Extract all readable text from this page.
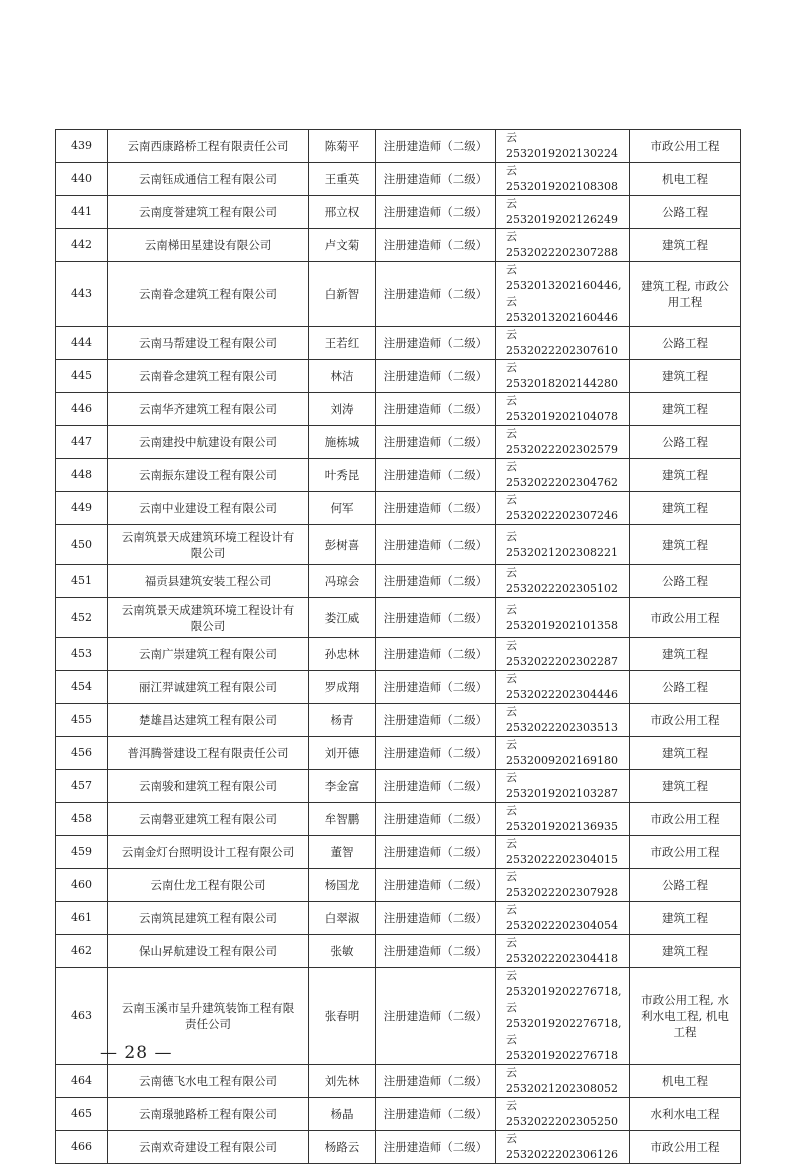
439	云南西康路桥工程有限责任公司	陈菊平	注册建造师（二级）	云 2532019202130224	市政公用工程
440	云南钰成通信工程有限公司	王重英	注册建造师（二级）	云 2532019202108308	机电工程
441	云南度誉建筑工程有限公司	邢立权	注册建造师（二级）	云 2532019202126249	公路工程
442	云南梯田星建设有限公司	卢文菊	注册建造师（二级）	云 2532022202307288	建筑工程
443	云南眷念建筑工程有限公司	白新智	注册建造师（二级）	云 2532013202160446,
云 2532013202160446	建筑工程, 市政公
用工程
444	云南马帮建设工程有限公司	王若红	注册建造师（二级）	云 2532022202307610	公路工程
445	云南眷念建筑工程有限公司	林洁	注册建造师（二级）	云 2532018202144280	建筑工程
446	云南华齐建筑工程有限公司	刘涛	注册建造师（二级）	云 2532019202104078	建筑工程
447	云南建投中航建设有限公司	施栋城	注册建造师（二级）	云 2532022202302579	公路工程
448	云南振东建设工程有限公司	叶秀昆	注册建造师（二级）	云 2532022202304762	建筑工程
449	云南中业建设工程有限公司	何军	注册建造师（二级）	云 2532022202307246	建筑工程
450	云南筑景天成建筑环境工程设计有
限公司	彭树喜	注册建造师（二级）	云 2532021202308221	建筑工程
451	福贡县建筑安装工程公司	冯琼会	注册建造师（二级）	云 2532022202305102	公路工程
452	云南筑景天成建筑环境工程设计有
限公司	娄江威	注册建造师（二级）	云 2532019202101358	市政公用工程
453	云南广崇建筑工程有限公司	孙忠林	注册建造师（二级）	云 2532022202302287	建筑工程
454	丽江羿诚建筑工程有限公司	罗成翔	注册建造师（二级）	云 2532022202304446	公路工程
455	楚雄昌达建筑工程有限公司	杨青	注册建造师（二级）	云 2532022202303513	市政公用工程
456	普洱腾誉建设工程有限责任公司	刘开德	注册建造师（二级）	云 2532009202169180	建筑工程
457	云南骏和建筑工程有限公司	李金富	注册建造师（二级）	云 2532019202103287	建筑工程
458	云南磐亚建筑工程有限公司	牟智鹏	注册建造师（二级）	云 2532019202136935	市政公用工程
459	云南金灯台照明设计工程有限公司	董智	注册建造师（二级）	云 2532022202304015	市政公用工程
460	云南仕龙工程有限公司	杨国龙	注册建造师（二级）	云 2532022202307928	公路工程
461	云南筑昆建筑工程有限公司	白翠淑	注册建造师（二级）	云 2532022202304054	建筑工程
462	保山昇航建设工程有限公司	张敏	注册建造师（二级）	云 2532022202304418	建筑工程
463	云南玉溪市呈升建筑装饰工程有限
责任公司	张春明	注册建造师（二级）	云 2532019202276718,
云 2532019202276718,
云 2532019202276718	市政公用工程, 水
利水电工程, 机电
工程
464	云南德飞水电工程有限公司	刘先林	注册建造师（二级）	云 2532021202308052	机电工程
465	云南璟驰路桥工程有限公司	杨晶	注册建造师（二级）	云 2532022202305250	水利水电工程
466	云南欢奇建设工程有限公司	杨路云	注册建造师（二级）	云 2532022202306126	市政公用工程
— 28 —
